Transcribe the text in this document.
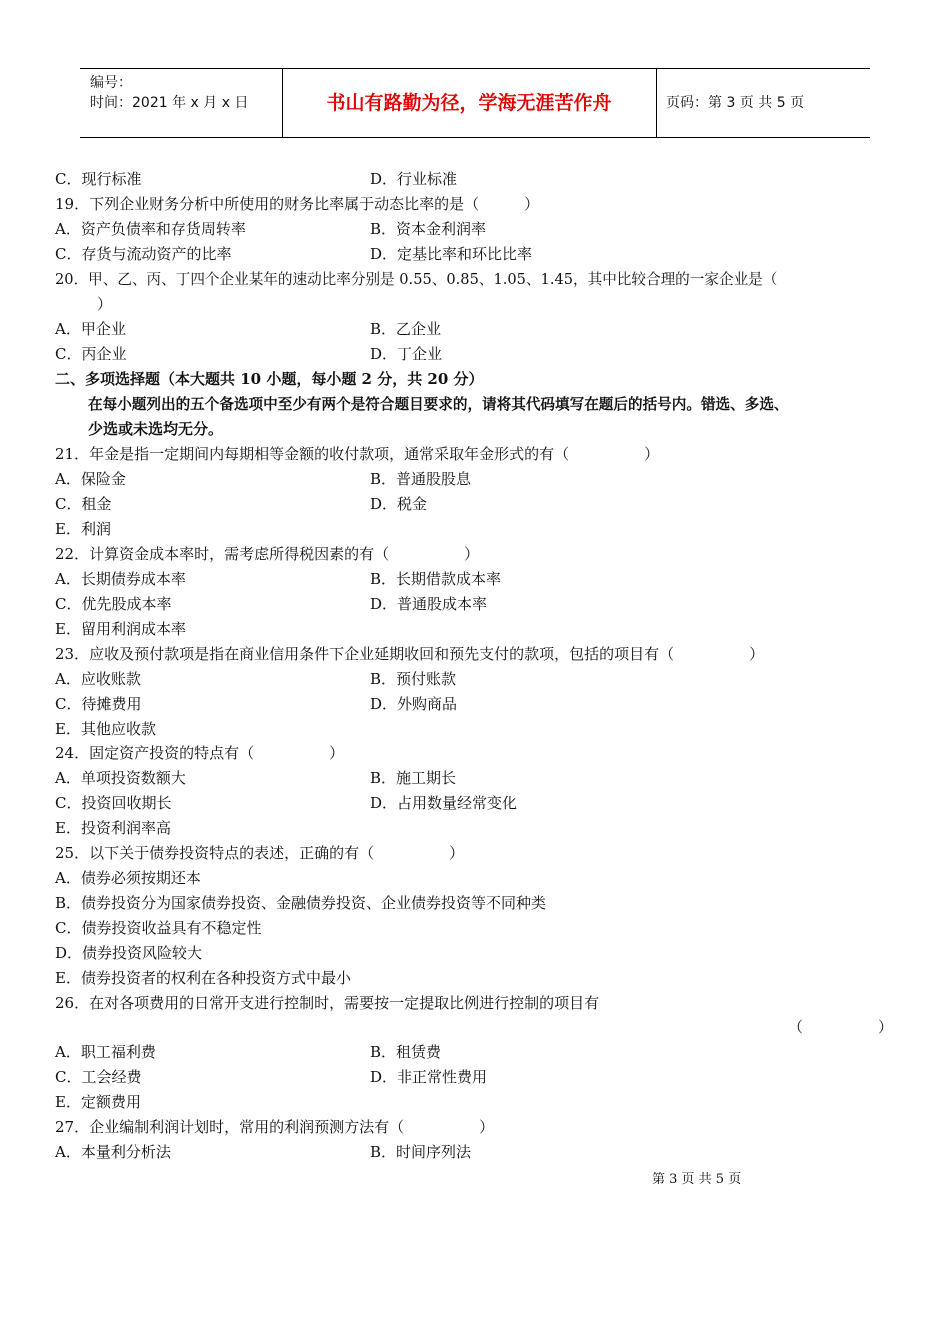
编号：
时间：2021 年 x 月 x 日	书山有路勤为径，学海无涯苦作舟	页码：第 3 页 共 5 页
C．现行标准	D．行业标准
19．下列企业财务分析中所使用的财务比率属于动态比率的是（　　　）
A．资产负债率和存货周转率	B．资本金利润率
C．存货与流动资产的比率	D．定基比率和环比比率
20．甲、乙、丙、丁四个企业某年的速动比率分别是 0.55、0.85、1.05、1.45，其中比较合理的一家企业是（
）
A．甲企业	B．乙企业
C．丙企业	D．丁企业
二、多项选择题（本大题共 10 小题，每小题 2 分，共 20 分）
在每小题列出的五个备选项中至少有两个是符合题目要求的，请将其代码填写在题后的括号内。错选、多选、
少选或未选均无分。
21．年金是指一定期间内每期相等金额的收付款项，通常采取年金形式的有（　　　　　）
A．保险金	B．普通股股息
C．租金	D．税金
E．利润
22．计算资金成本率时，需考虑所得税因素的有（　　　　　）
A．长期债券成本率	B．长期借款成本率
C．优先股成本率	D．普通股成本率
E．留用利润成本率
23．应收及预付款项是指在商业信用条件下企业延期收回和预先支付的款项，包括的项目有（　　　　　）
A．应收账款	B．预付账款
C．待摊费用	D．外购商品
E．其他应收款
24．固定资产投资的特点有（　　　　　）
A．单项投资数额大	B．施工期长
C．投资回收期长	D．占用数量经常变化
E．投资利润率高
25．以下关于债券投资特点的表述，正确的有（　　　　　）
A．债券必须按期还本
B．债券投资分为国家债券投资、金融债券投资、企业债券投资等不同种类
C．债券投资收益具有不稳定性
D．债券投资风险较大
E．债券投资者的权利在各种投资方式中最小
26．在对各项费用的日常开支进行控制时，需要按一定提取比例进行控制的项目有
（　　　　　）
A．职工福利费	B．租赁费
C．工会经费	D．非正常性费用
E．定额费用
27．企业编制利润计划时，常用的利润预测方法有（　　　　　）
A．本量利分析法	B．时间序列法
第 3 页 共 5 页
